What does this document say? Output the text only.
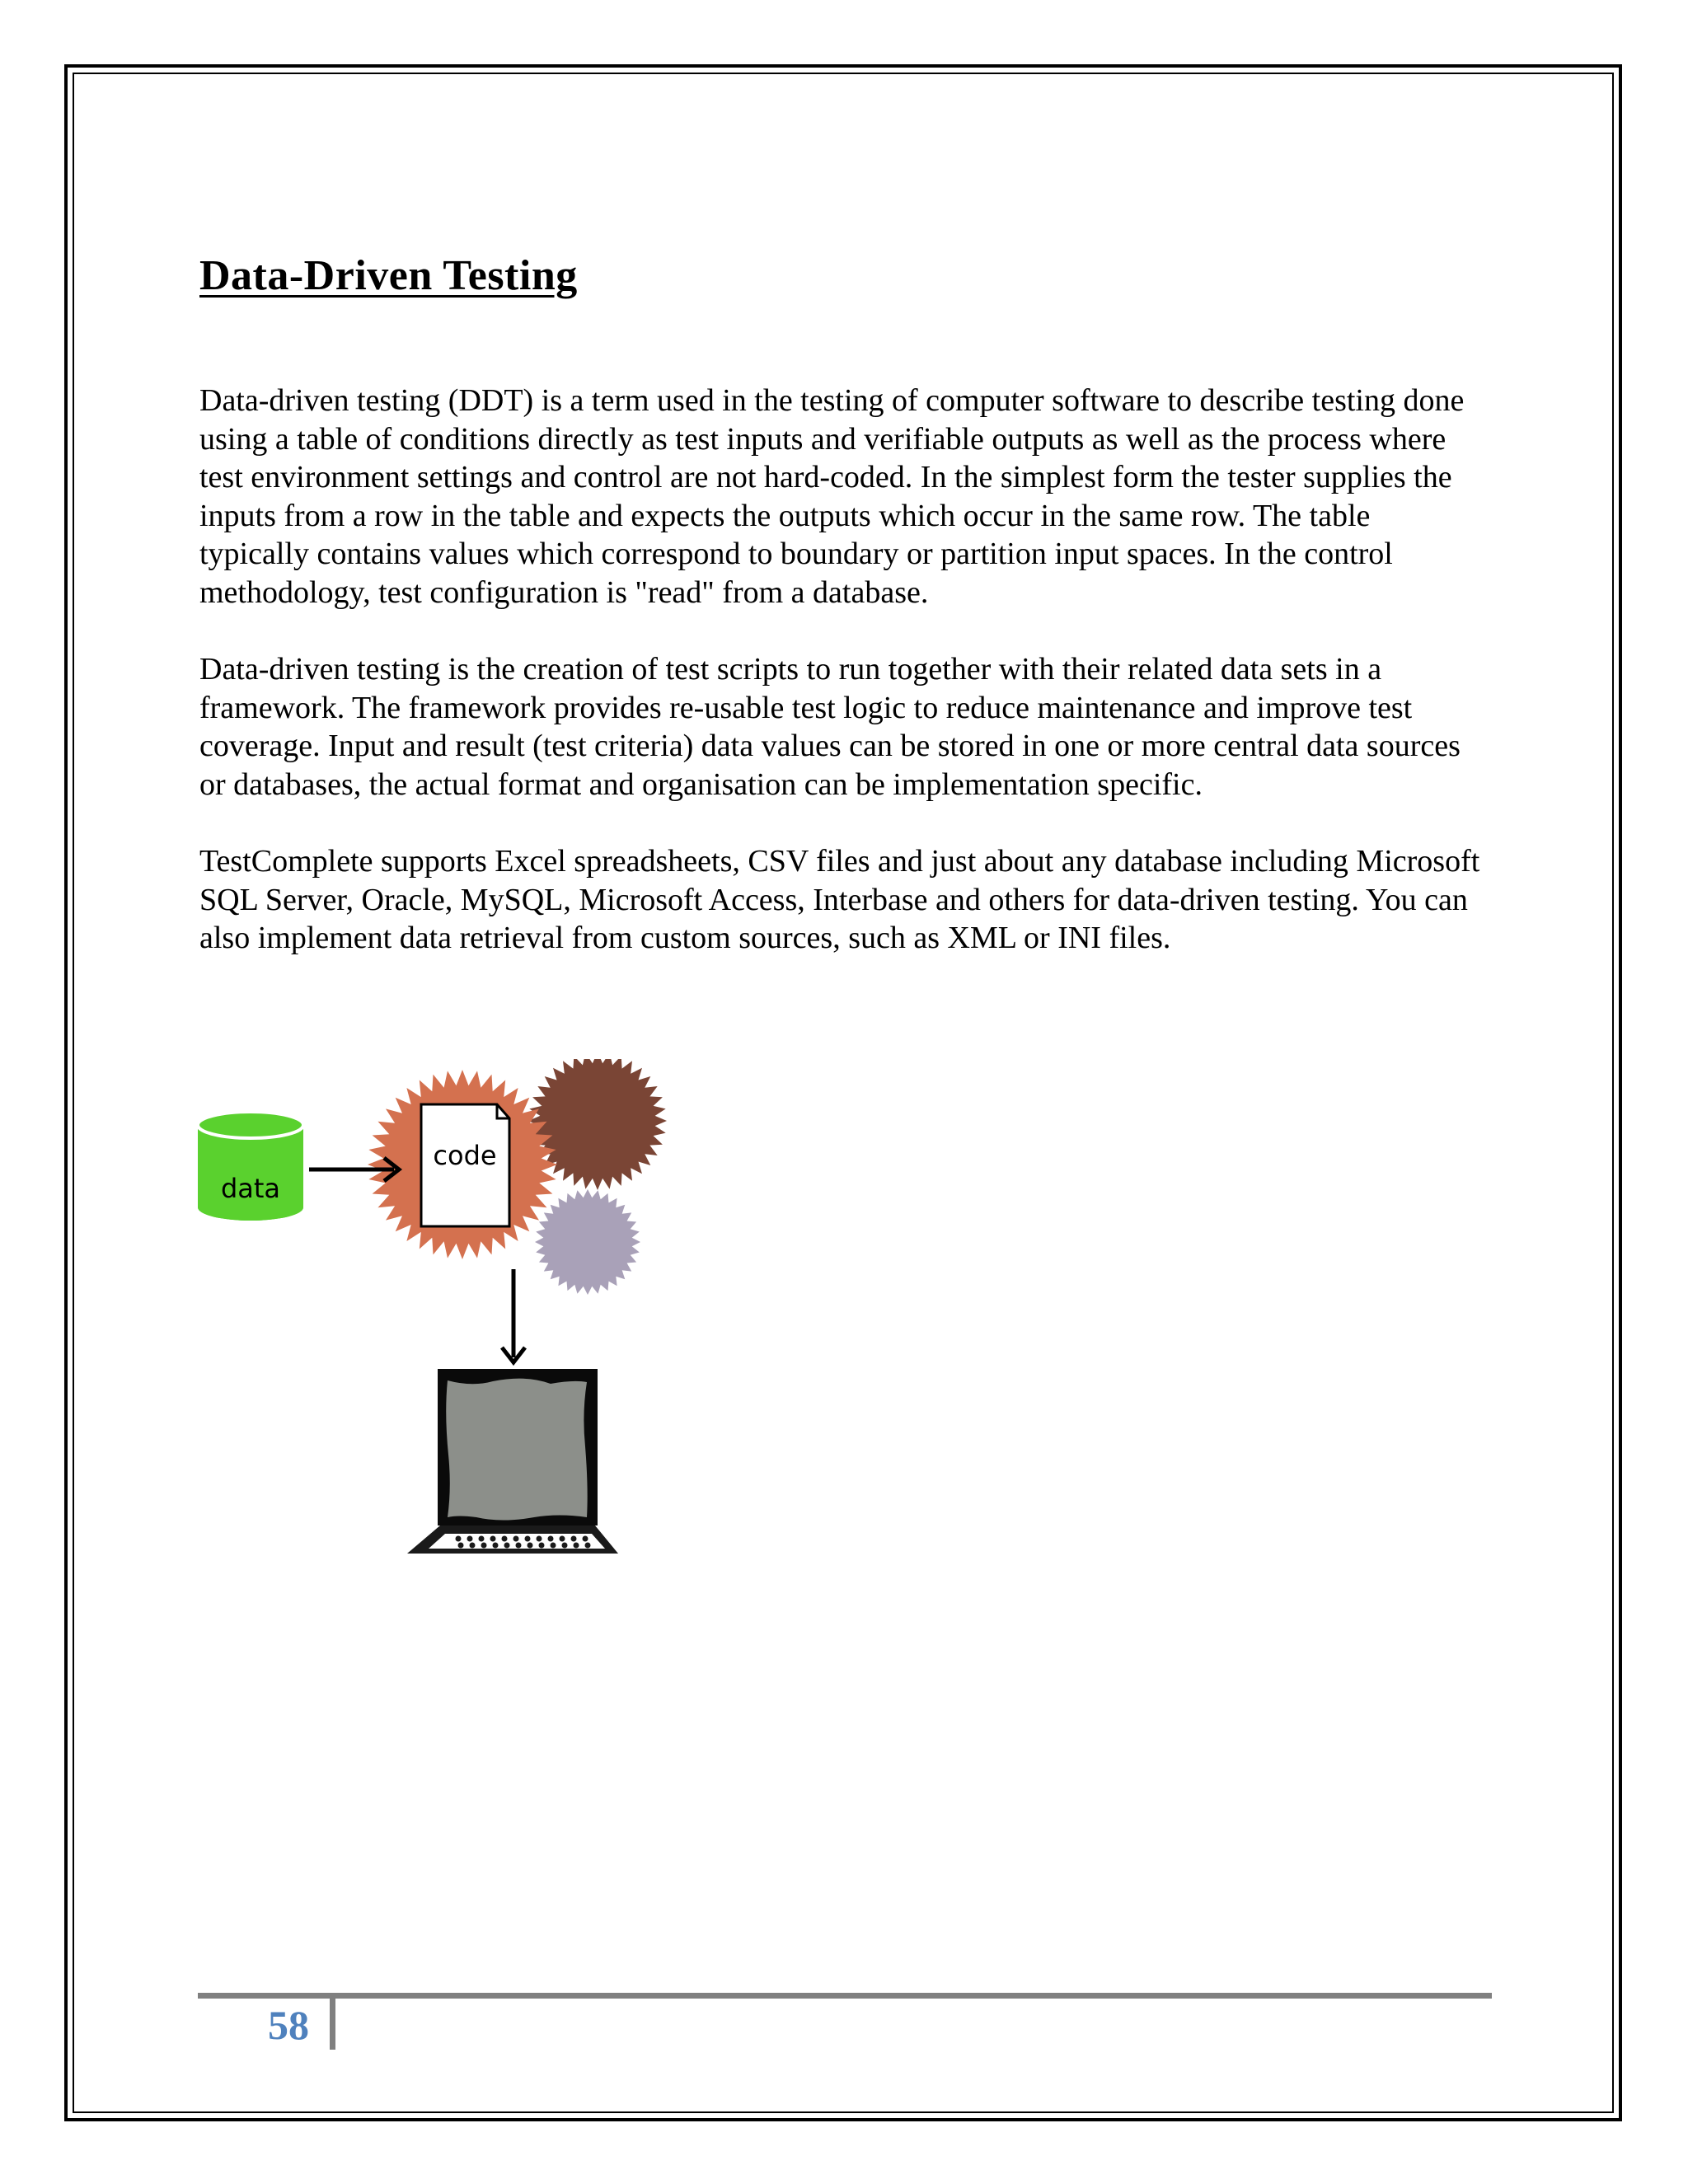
Data-Driven Testing

Data-driven testing (DDT) is a term used in the testing of computer software to describe testing done using a table of conditions directly as test inputs and verifiable outputs as well as the process where test environment settings and control are not hard-coded. In the simplest form the tester supplies the inputs from a row in the table and expects the outputs which occur in the same row. The table typically contains values which correspond to boundary or partition input spaces. In the control methodology, test configuration is "read" from a database.

Data-driven testing is the creation of test scripts to run together with their related data sets in a framework. The framework provides re-usable test logic to reduce maintenance and improve test coverage. Input and result (test criteria) data values can be stored in one or more central data sources or databases, the actual format and organisation can be implementation specific.

TestComplete supports Excel spreadsheets, CSV files and just about any database including Microsoft SQL Server, Oracle, MySQL, Microsoft Access, Interbase and others for data-driven testing. You can also implement data retrieval from custom sources, such as XML or INI files.

code
data
58
